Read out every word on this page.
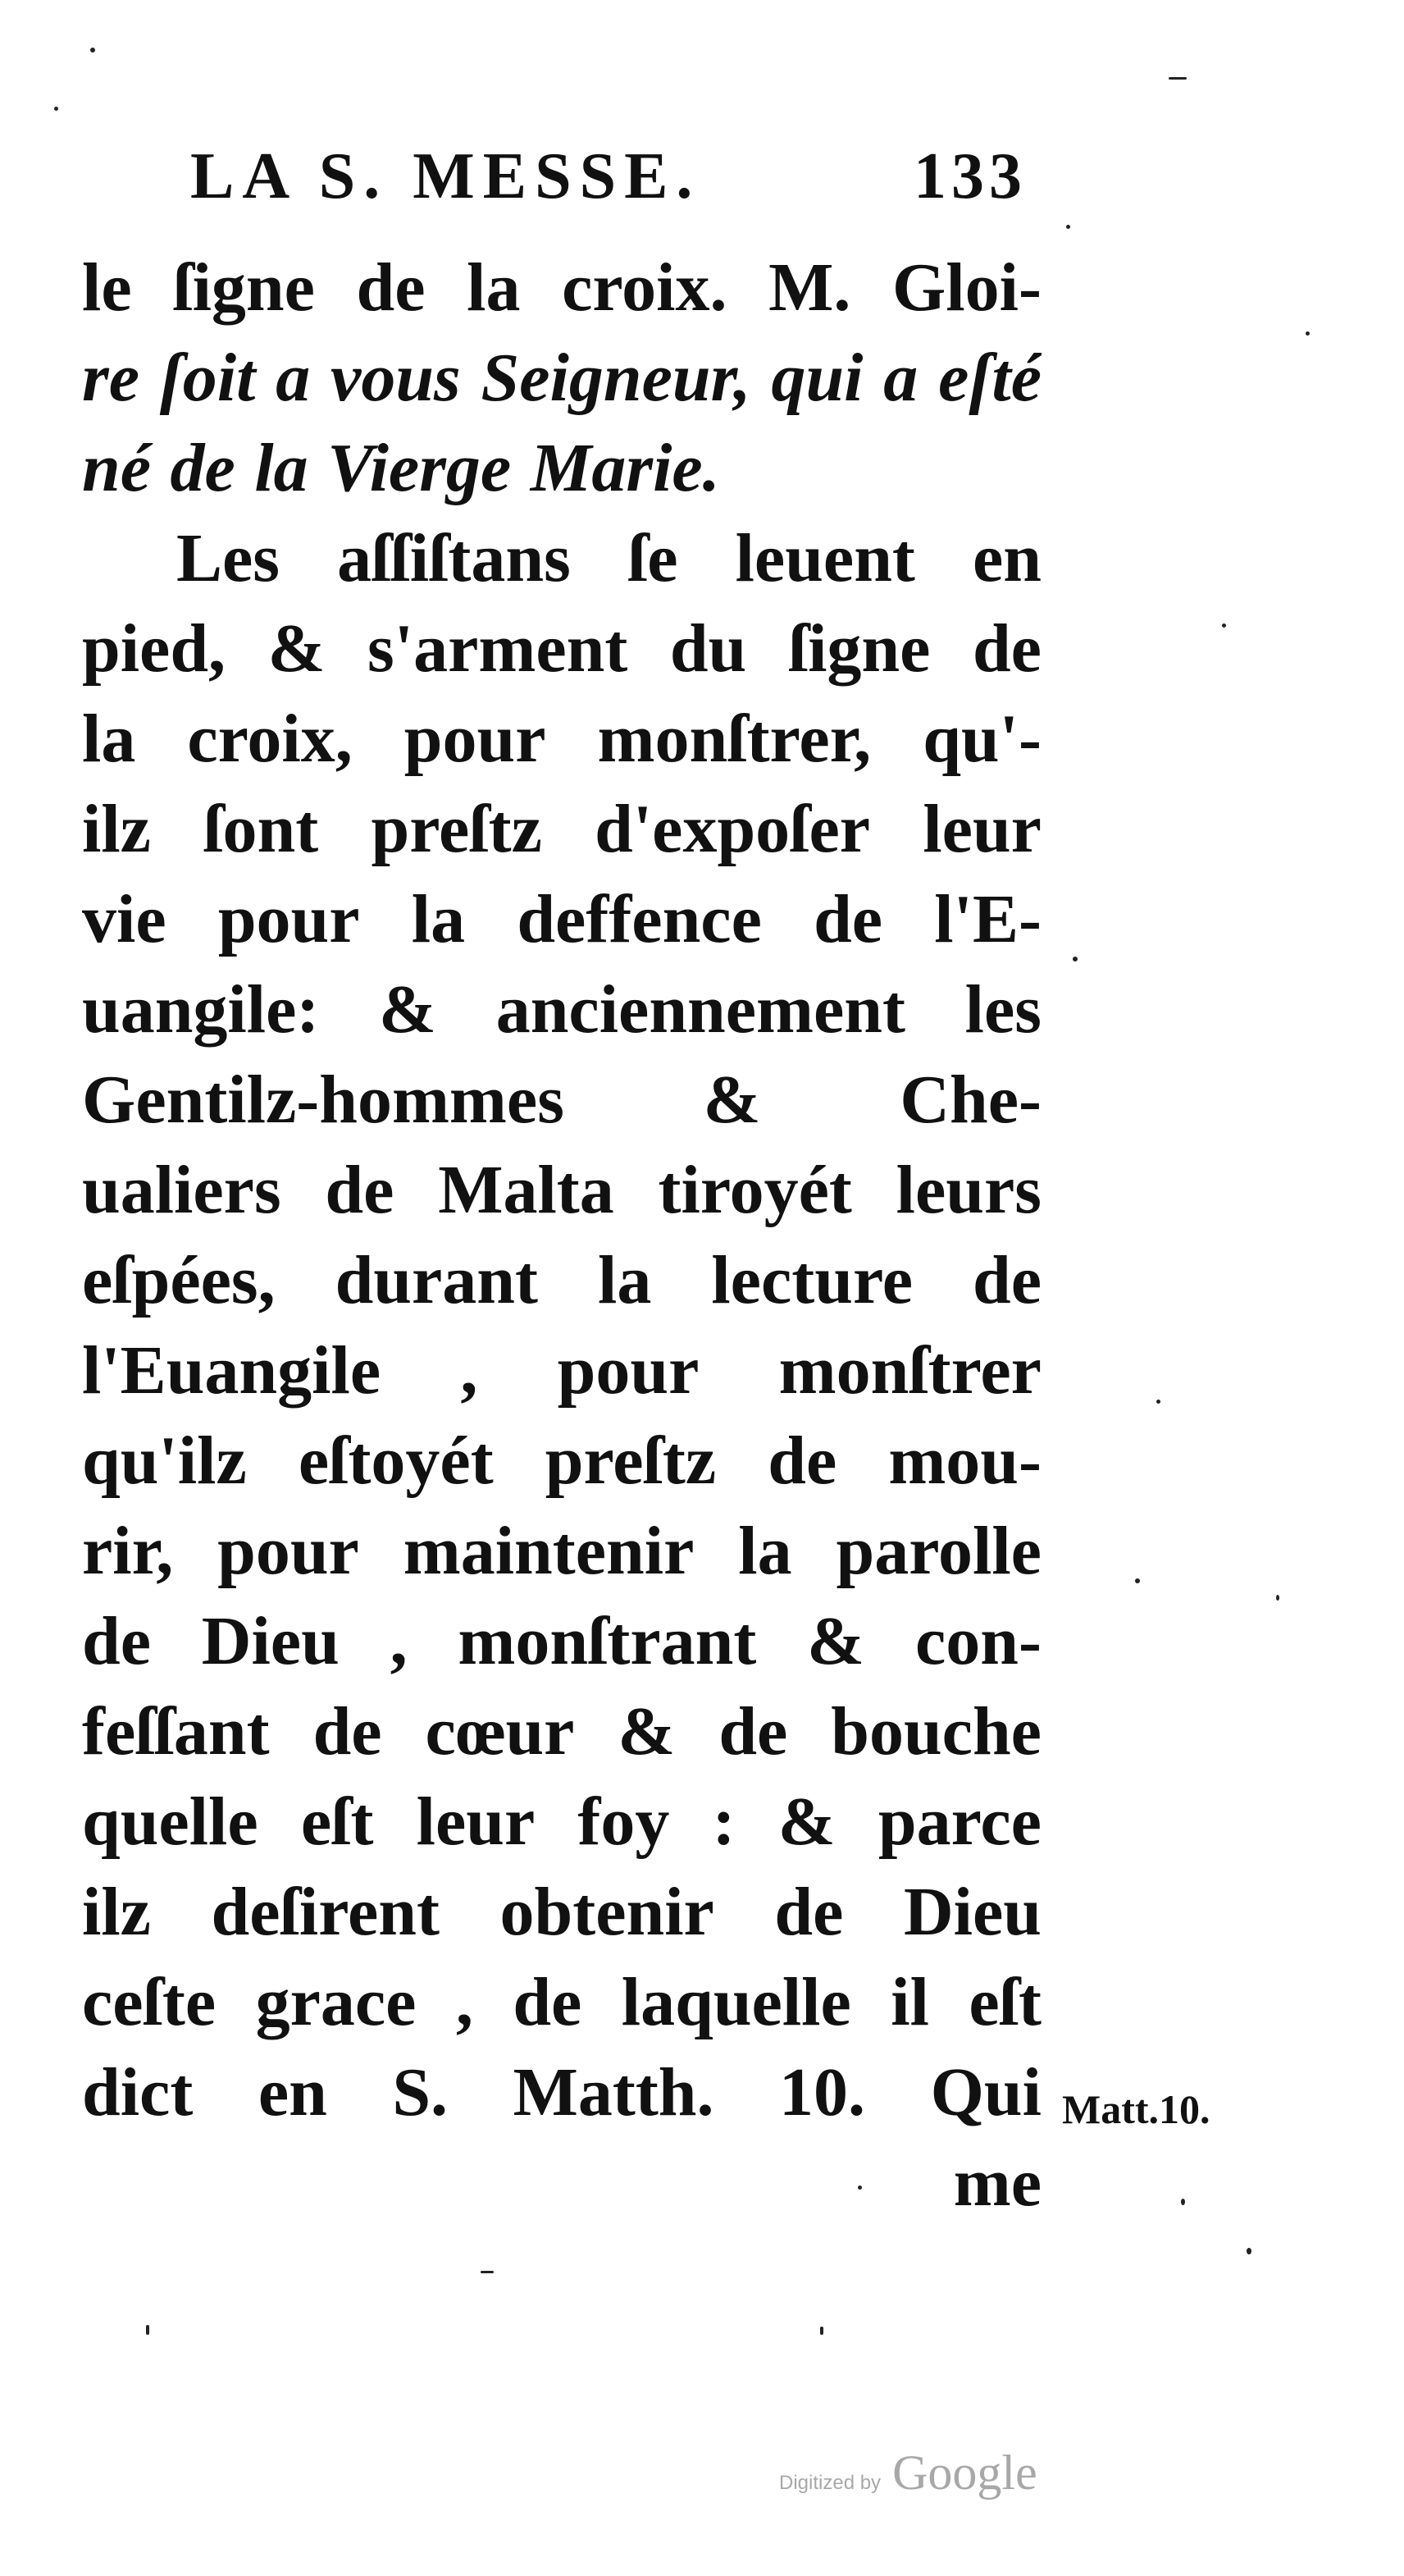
LA S. MESSE.	133
le ſigne de la croix. M. Gloi-
re ſoit a vous Seigneur, qui a eſté
né de la Vierge Marie.
Les aſſiſtans ſe leuent en
pied, & s'arment du ſigne de
la croix, pour monſtrer, qu'-
ilz ſont preſtz d'expoſer leur
vie pour la deffence de l'E-
uangile: & anciennement les
Gentilz-hommes & Che-
ualiers de Malta tiroyét leurs
eſpées, durant la lecture de
l'Euangile , pour monſtrer
qu'ilz eſtoyét preſtz de mou-
rir, pour maintenir la parolle
de Dieu , monſtrant & con-
feſſant de cœur & de bouche
quelle eſt leur foy : & parce
ilz deſirent obtenir de Dieu
ceſte grace , de laquelle il eſt
dict en S. Matth. 10. Qui
me
Matt.10.
Digitized by Google
